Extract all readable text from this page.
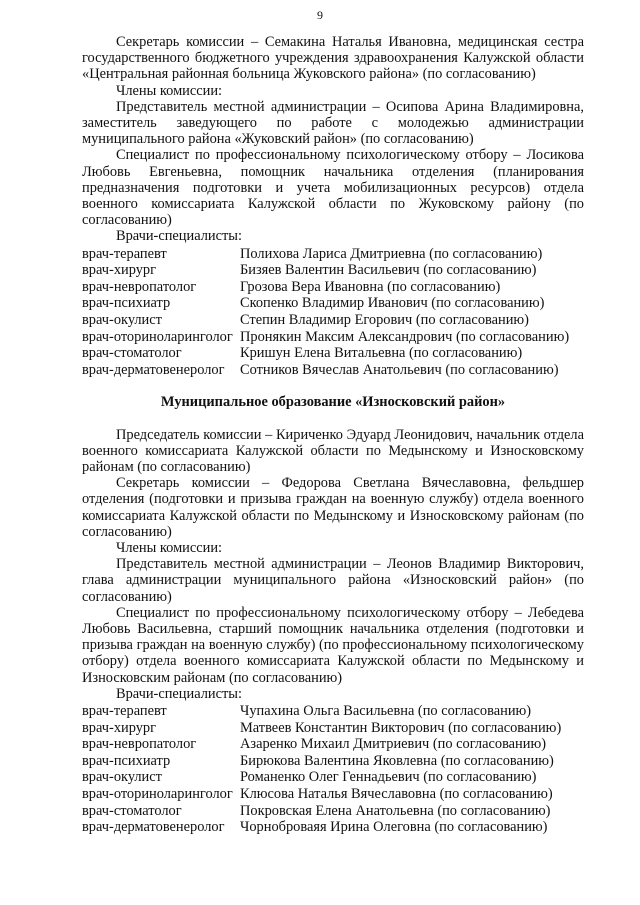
9

Секретарь комиссии – Семакина Наталья Ивановна, медицинская сестра государственного бюджетного учреждения здравоохранения Калужской области «Центральная районная больница Жуковского района» (по согласованию)

Члены комиссии:

Представитель местной администрации – Осипова Арина Владимировна, заместитель заведующего по работе с молодежью администрации муниципального района «Жуковский район» (по согласованию)

Специалист по профессиональному психологическому отбору – Лосикова Любовь Евгеньевна, помощник начальника отделения (планирования предназначения подготовки и учета мобилизационных ресурсов) отдела военного комиссариата Калужской области по Жуковскому району (по согласованию)

Врачи-специалисты:

врач-терапевт	Полихова Лариса Дмитриевна (по согласованию)
врач-хирург	Бизяев Валентин Васильевич (по согласованию)
врач-невропатолог	Грозова Вера Ивановна (по согласованию)
врач-психиатр	Скопенко Владимир Иванович (по согласованию)
врач-окулист	Степин Владимир Егорович (по согласованию)
врач-оториноларинголог Пронякин Максим Александрович (по согласованию)
врач-стоматолог	Кришун Елена Витальевна (по согласованию)
врач-дерматовенеролог	Сотников Вячеслав Анатольевич (по согласованию)
Муниципальное образование «Износковский район»

Председатель комиссии – Кириченко Эдуард Леонидович, начальник отдела военного комиссариата Калужской области по Медынскому и Износковскому районам (по согласованию)

Секретарь комиссии – Федорова Светлана Вячеславовна, фельдшер отделения (подготовки и призыва граждан на военную службу) отдела военного комиссариата Калужской области по Медынскому и Износковскому районам (по согласованию)

Члены комиссии:

Представитель местной администрации – Леонов Владимир Викторович, глава администрации муниципального района «Износковский район» (по согласованию)

Специалист по профессиональному психологическому отбору – Лебедева Любовь Васильевна, старший помощник начальника отделения (подготовки и призыва граждан на военную службу) (по профессиональному психологическому отбору) отдела военного комиссариата Калужской области по Медынскому и Износковским районам (по согласованию)

Врачи-специалисты:

врач-терапевт	Чупахина Ольга Васильевна (по согласованию)
врач-хирург	Матвеев Константин Викторович (по согласованию)
врач-невропатолог	Азаренко Михаил Дмитриевич (по согласованию)
врач-психиатр	Бирюкова Валентина Яковлевна (по согласованию)
врач-окулист	Романенко Олег Геннадьевич (по согласованию)
врач-оториноларинголог Клюсова Наталья Вячеславовна (по согласованию)
врач-стоматолог	Покровская Елена Анатольевна (по согласованию)
врач-дерматовенеролог	Чорноброваяя Ирина Олеговна (по согласованию)
